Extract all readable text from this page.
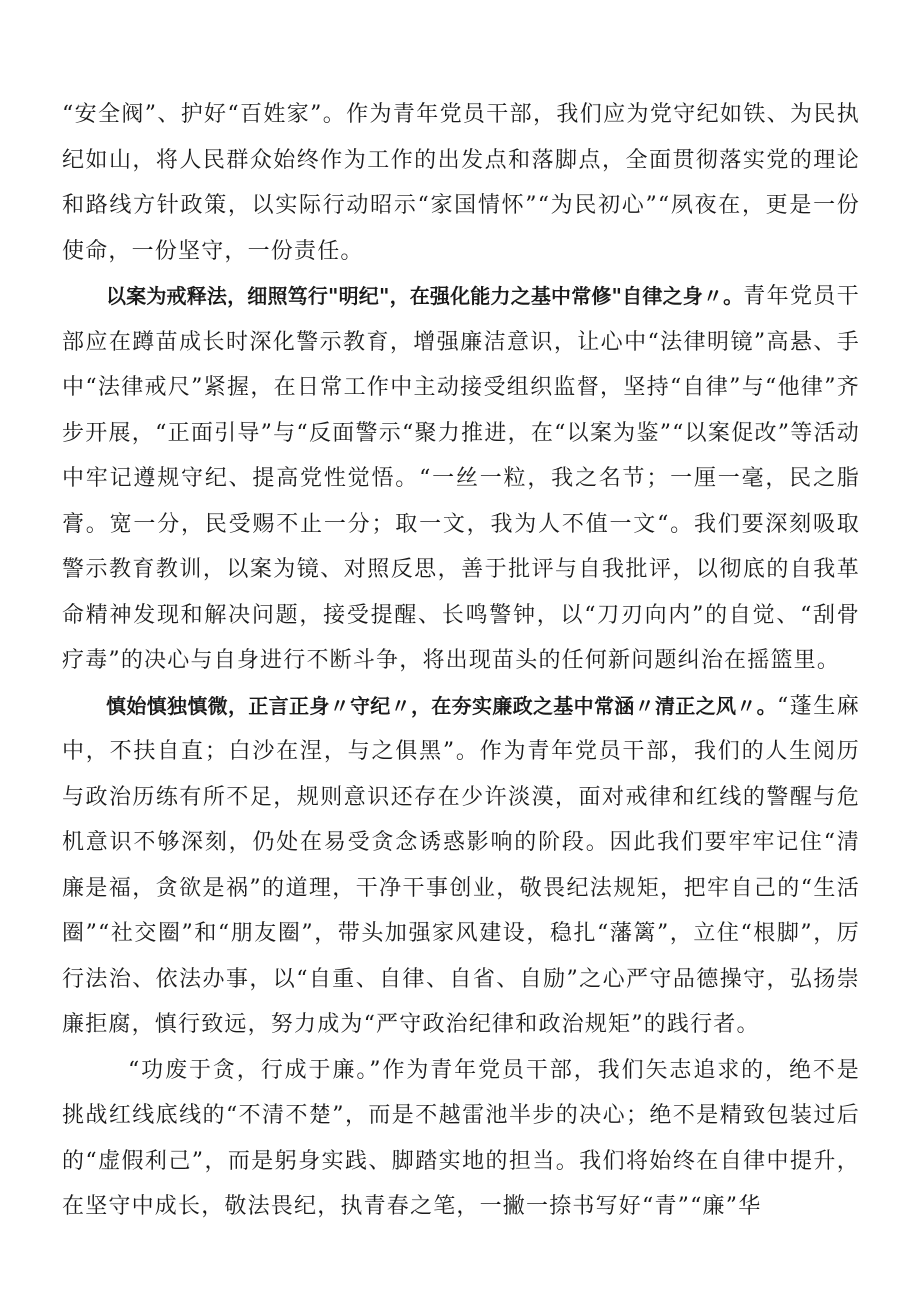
“安全阀”、护好“百姓家”。作为青年党员干部，我们应为党守纪如铁、为民执纪如山，将人民群众始终作为工作的出发点和落脚点，全面贯彻落实党的理论和路线方针政策，以实际行动昭示“家国情怀”“为民初心”“夙夜在，更是一份使命，一份坚守，一份责任。

以案为戒释法，细照笃行"明纪"，在强化能力之基中常修"自律之身〃。青年党员干部应在蹲苗成长时深化警示教育，增强廉洁意识，让心中“法律明镜”高悬、手中“法律戒尺”紧握，在日常工作中主动接受组织监督，坚持“自律”与“他律”齐步开展，“正面引导”与“反面警示“聚力推进，在“以案为鉴”“以案促改”等活动中牢记遵规守纪、提高党性觉悟。“一丝一粒，我之名节；一厘一毫，民之脂膏。宽一分，民受赐不止一分；取一文，我为人不值一文“。我们要深刻吸取警示教育教训，以案为镜、对照反思，善于批评与自我批评，以彻底的自我革命精神发现和解决问题，接受提醒、长鸣警钟，以“刀刃向内”的自觉、“刮骨疗毒”的决心与自身进行不断斗争，将出现苗头的任何新问题纠治在摇篮里。

慎始慎独慎微，正言正身〃守纪〃，在夯实廉政之基中常涵〃清正之风〃。“蓬生麻中，不扶自直；白沙在涅，与之俱黑”。作为青年党员干部，我们的人生阅历与政治历练有所不足，规则意识还存在少许淡漠，面对戒律和红线的警醒与危机意识不够深刻，仍处在易受贪念诱惑影响的阶段。因此我们要牢牢记住“清廉是福，贪欲是祸”的道理，干净干事创业，敬畏纪法规矩，把牢自己的“生活圈”“社交圈”和“朋友圈”，带头加强家风建设，稳扎“藩篱”，立住“根脚”，厉行法治、依法办事，以“自重、自律、自省、自励”之心严守品德操守，弘扬崇廉拒腐，慎行致远，努力成为“严守政治纪律和政治规矩”的践行者。

“功废于贪，行成于廉。”作为青年党员干部，我们矢志追求的，绝不是挑战红线底线的“不清不楚”，而是不越雷池半步的决心；绝不是精致包装过后的“虚假利己”，而是躬身实践、脚踏实地的担当。我们将始终在自律中提升，在坚守中成长，敬法畏纪，执青春之笔，一撇一捺书写好“青”“廉”华
